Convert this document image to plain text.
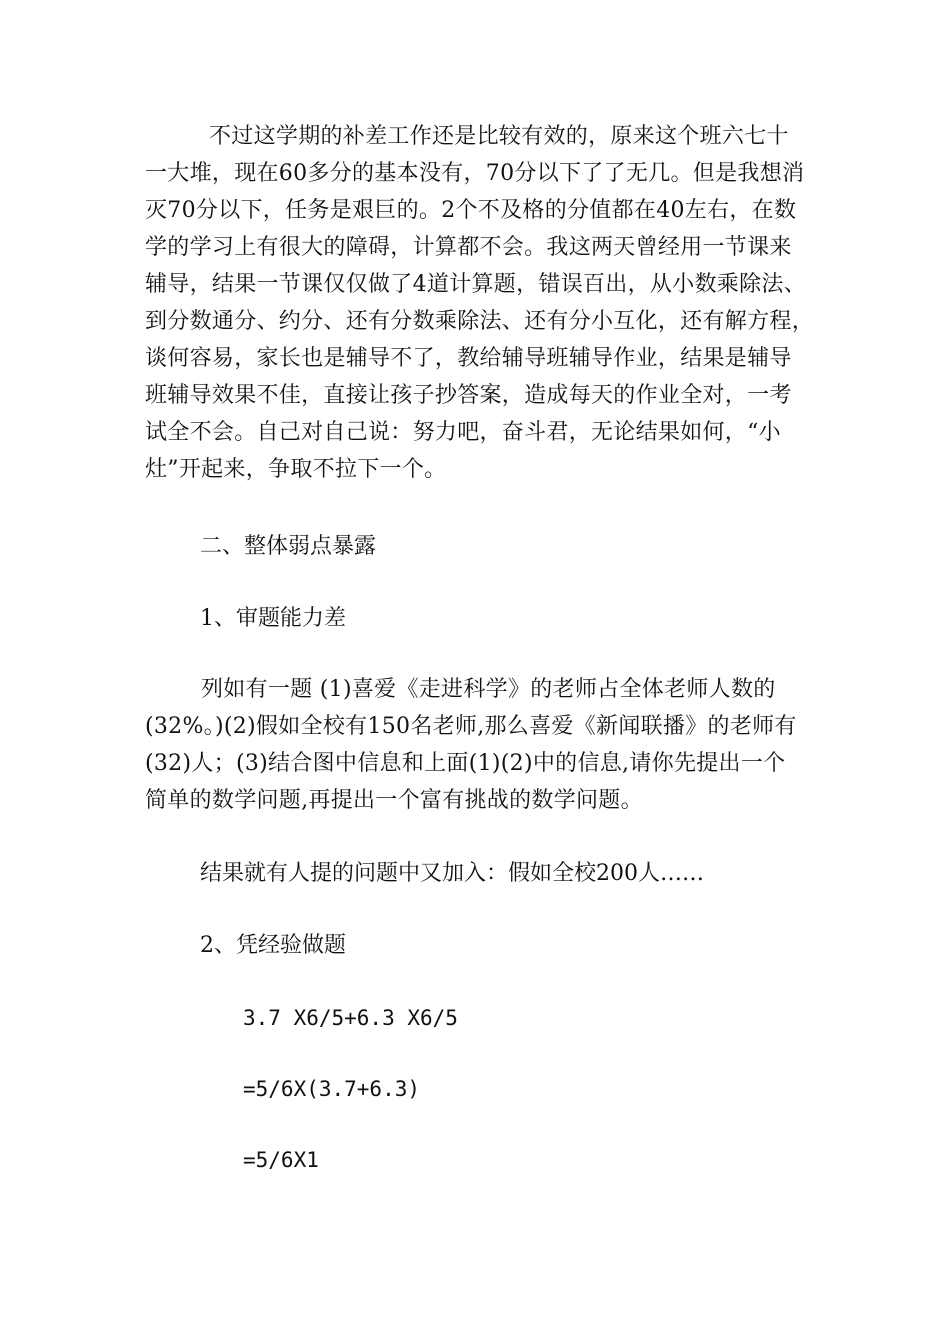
不过这学期的补差工作还是比较有效的，原来这个班六七十
一大堆，现在60多分的基本没有，70分以下了了无几。但是我想消
灭70分以下，任务是艰巨的。2个不及格的分值都在40左右，在数
学的学习上有很大的障碍，计算都不会。我这两天曾经用一节课来
辅导，结果一节课仅仅做了4道计算题，错误百出，从小数乘除法、
到分数通分、约分、还有分数乘除法、还有分小互化，还有解方程，
谈何容易，家长也是辅导不了，教给辅导班辅导作业，结果是辅导
班辅导效果不佳，直接让孩子抄答案，造成每天的作业全对，一考
试全不会。自己对自己说：努力吧，奋斗君，无论结果如何，“小
灶”开起来，争取不拉下一个。

二、整体弱点暴露

1、审题能力差

列如有一题 (1)喜爱《走进科学》的老师占全体老师人数的
(32%。)(2)假如全校有150名老师,那么喜爱《新闻联播》的老师有
(32)人；(3)结合图中信息和上面(1)(2)中的信息,请你先提出一个
简单的数学问题,再提出一个富有挑战的数学问题。

结果就有人提的问题中又加入：假如全校200人……

2、凭经验做题

3.7 X6/5+6.3 X6/5

=5/6X(3.7+6.3)

=5/6X1
